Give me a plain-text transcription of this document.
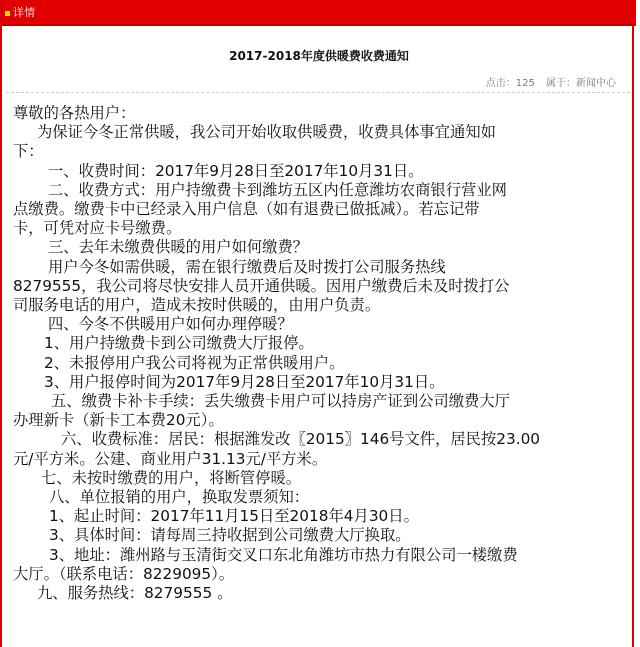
详情
2017-2018年度供暖费收费通知
点击：125 属于：新闻中心

尊敬的各热用户：

为保证今冬正常供暖，我公司开始收取供暖费，收费具体事宜通知如

下：

一、收费时间：2017年9月28日至2017年10月31日。

二、收费方式：用户持缴费卡到潍坊五区内任意潍坊农商银行营业网

点缴费。缴费卡中已经录入用户信息（如有退费已做抵减）。若忘记带

卡，可凭对应卡号缴费。

三、去年未缴费供暖的用户如何缴费？

用户今冬如需供暖，需在银行缴费后及时拨打公司服务热线

8279555，我公司将尽快安排人员开通供暖。因用户缴费后未及时拨打公

司服务电话的用户，造成未按时供暖的，由用户负责。

四、今冬不供暖用户如何办理停暖？

1、用户持缴费卡到公司缴费大厅报停。

2、未报停用户我公司将视为正常供暖用户。

3、用户报停时间为2017年9月28日至2017年10月31日。

五、缴费卡补卡手续：丢失缴费卡用户可以持房产证到公司缴费大厅

办理新卡（新卡工本费20元）。

六、收费标准：居民：根据潍发改〖2015〗146号文件，居民按23.00

元/平方米。公建、商业用户31.13元/平方米。

七、未按时缴费的用户，将断管停暖。

八、单位报销的用户，换取发票须知：

1、起止时间：2017年11月15日至2018年4月30日。

3、具体时间：请每周三持收据到公司缴费大厅换取。

3、地址：潍州路与玉清街交叉口东北角潍坊市热力有限公司一楼缴费

大厅。（联系电话：8229095）。

九、服务热线：8279555 。
